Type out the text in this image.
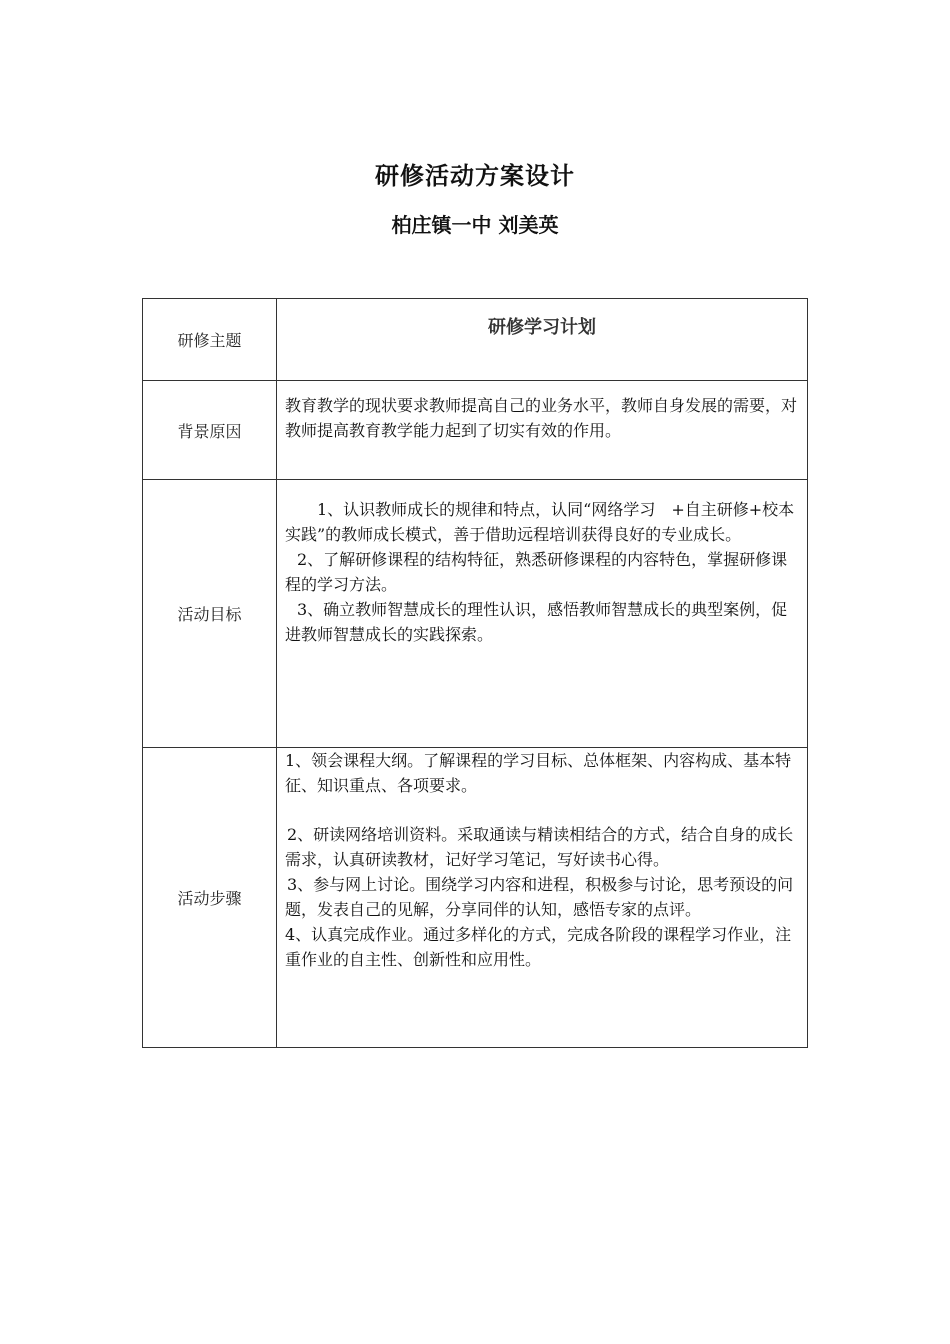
研修活动方案设计
柏庄镇一中 刘美英
研修主题	研修学习计划

背景原因	教育教学的现状要求教师提高自己的业务水平，教师自身发展的需要，对教师提高教育教学能力起到了切实有效的作用。

活动目标	1、认识教师成长的规律和特点，认同“网络学习　+自主研修+校本实践”的教师成长模式，善于借助远程培训获得良好的专业成长。

2、了解研修课程的结构特征，熟悉研修课程的内容特色，掌握研修课程的学习方法。

3、确立教师智慧成长的理性认识，感悟教师智慧成长的典型案例，促进教师智慧成长的实践探索。

活动步骤	1、领会课程大纲。了解课程的学习目标、总体框架、内容构成、基本特征、知识重点、各项要求。

2、研读网络培训资料。采取通读与精读相结合的方式，结合自身的成长需求，认真研读教材，记好学习笔记，写好读书心得。

3、参与网上讨论。围绕学习内容和进程，积极参与讨论，思考预设的问题，发表自己的见解，分享同伴的认知，感悟专家的点评。

4、认真完成作业。通过多样化的方式，完成各阶段的课程学习作业，注重作业的自主性、创新性和应用性。
